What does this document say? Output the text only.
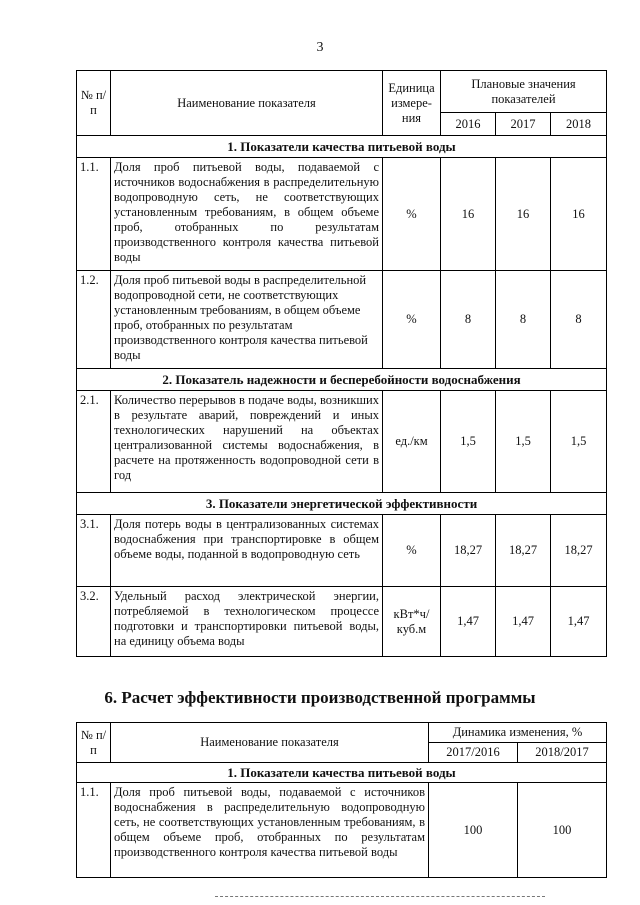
3
№ п/п	Наименование показателя	Единица измере-ния	Плановые значения показателей		
			2016	2017	2018
1. Показатели качества питьевой воды					
1.1.	Доля проб питьевой воды, подаваемой с источников водоснабжения в распределительную водопроводную сеть, не соответствующих установленным требованиям, в общем объеме проб, отобранных по результатам производственного контроля качества питьевой воды	%	16	16	16
1.2.	Доля проб питьевой воды в распределительной водопроводной сети, не соответствующих установленным требованиям, в общем объеме проб, отобранных по результатам производственного контроля качества питьевой воды	%	8	8	8
2. Показатель надежности и бесперебойности водоснабжения					
2.1.	Количество перерывов в подаче воды, возникших в результате аварий, повреждений и иных технологических нарушений на объектах централизованной системы водоснабжения, в расчете на протяженность водопроводной сети в год	ед./км	1,5	1,5	1,5
3. Показатели энергетической эффективности					
3.1.	Доля потерь воды в централизованных системах водоснабжения при транспортировке в общем объеме воды, поданной в водопроводную сеть	%	18,27	18,27	18,27
3.2.	Удельный расход электрической энергии, потребляемой в технологическом процессе подготовки и транспортировки питьевой воды, на единицу объема воды	кВт*ч/ куб.м	1,47	1,47	1,47
6. Расчет эффективности производственной программы
№ п/п	Наименование показателя	Динамика изменения, %	
		2017/2016	2018/2017
1. Показатели качества питьевой воды			
1.1.	Доля проб питьевой воды, подаваемой с источников водоснабжения в распределительную водопроводную сеть, не соответствующих установленным требованиям, в общем объеме проб, отобранных по результатам производственного контроля качества питьевой воды	100	100
